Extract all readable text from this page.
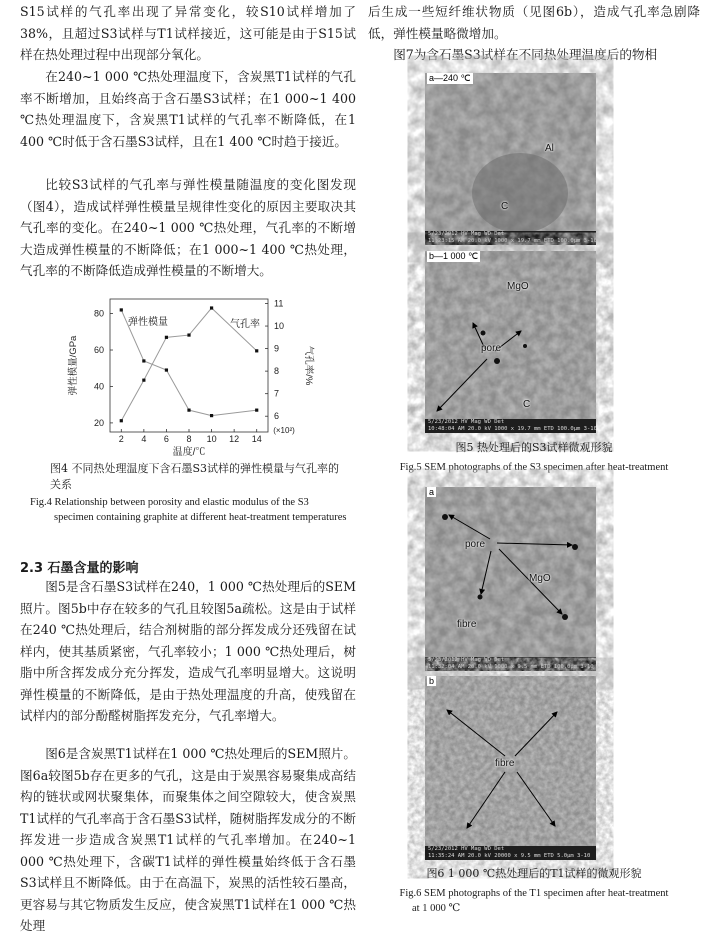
S15试样的气孔率出现了异常变化，较S10试样增加了38%，且超过S3试样与T1试样接近，这可能是由于S15试样在热处理过程中出现部分氧化。

在240~1 000 ℃热处理温度下，含炭黑T1试样的气孔率不断增加，且始终高于含石墨S3试样；在1 000~1 400 ℃热处理温度下，含炭黑T1试样的气孔率不断降低，在1 400 ℃时低于含石墨S3试样，且在1 400 ℃时趋于接近。

比较S3试样的气孔率与弹性模量随温度的变化图发现（图4），造成试样弹性模量呈规律性变化的原因主要取决其气孔率的变化。在240~1 000 ℃热处理，气孔率的不断增大造成弹性模量的不断降低；在1 000~1 400 ℃热处理，气孔率的不断降低造成弹性模量的不断增大。

图4 不同热处理温度下含石墨S3试样的弹性模量与气孔率的关系

Fig.4 Relationship between porosity and elastic modulus of the S3

specimen containing graphite at different heat-treatment temperatures

2.3 石墨含量的影响

图5是含石墨S3试样在240，1 000 ℃热处理后的SEM照片。图5b中存在较多的气孔且较图5a疏松。这是由于试样在240 ℃热处理后，结合剂树脂的部分挥发成分还残留在试样内，使其基质紧密，气孔率较小；1 000 ℃热处理后，树脂中所含挥发成分充分挥发，造成气孔率明显增大。这说明弹性模量的不断降低，是由于热处理温度的升高，使残留在试样内的部分酚醛树脂挥发充分，气孔率增大。

图6是含炭黑T1试样在1 000 ℃热处理后的SEM照片。图6a较图5b存在更多的气孔，这是由于炭黑容易聚集成高结构的链状或网状聚集体，而聚集体之间空隙较大，使含炭黑T1试样的气孔率高于含石墨S3试样，随树脂挥发成分的不断挥发进一步造成含炭黑T1试样的气孔率增加。在240~1 000 ℃热处理下，含碳T1试样的弹性模量始终低于含石墨S3试样且不断降低。由于在高温下，炭黑的活性较石墨高，更容易与其它物质发生反应，使含炭黑T1试样在1 000 ℃热处理

2 4 6 8 10 12 14
(×10²)
温度/℃
20
40
60
80
6
7
8
9
10
11
弹性模量/GPa	气孔率/%
弹性模量	气孔率

后生成一些短纤维状物质（见图6b），造成气孔率急剧降低，弹性模量略微增加。

图7为含石墨S3试样在不同热处理温度后的物相

a—240 ℃
Al
C
5/23/2012 HV Mag WD Det
11:23:15 AM 20.0 kV 1000 x 19.7 mm ETD 100.0μm 3-10
b—1 000 ℃
MgO
pore
C
5/23/2012 HV Mag WD Det
10:48:04 AM 20.0 kV 1000 x 19.7 mm ETD 100.0μm 3-10

图5 热处理后的S3试样微观形貌

Fig.5 SEM photographs of the S3 specimen after heat-treatment

a
pore
MgO
fibre
5/23/2012 HV Mag WD Det
11:32:04 AM 20.0 kV 1000 x 9.5 mm ETD 100.0μm 3-10
b
fibre
5/23/2012 HV Mag WD Det
11:35:24 AM 20.0 kV 20000 x 9.5 mm ETD 5.0μm 3-10

图6 1 000 ℃热处理后的T1试样的微观形貌

Fig.6 SEM photographs of the T1 specimen after heat-treatment

at 1 000 ℃
